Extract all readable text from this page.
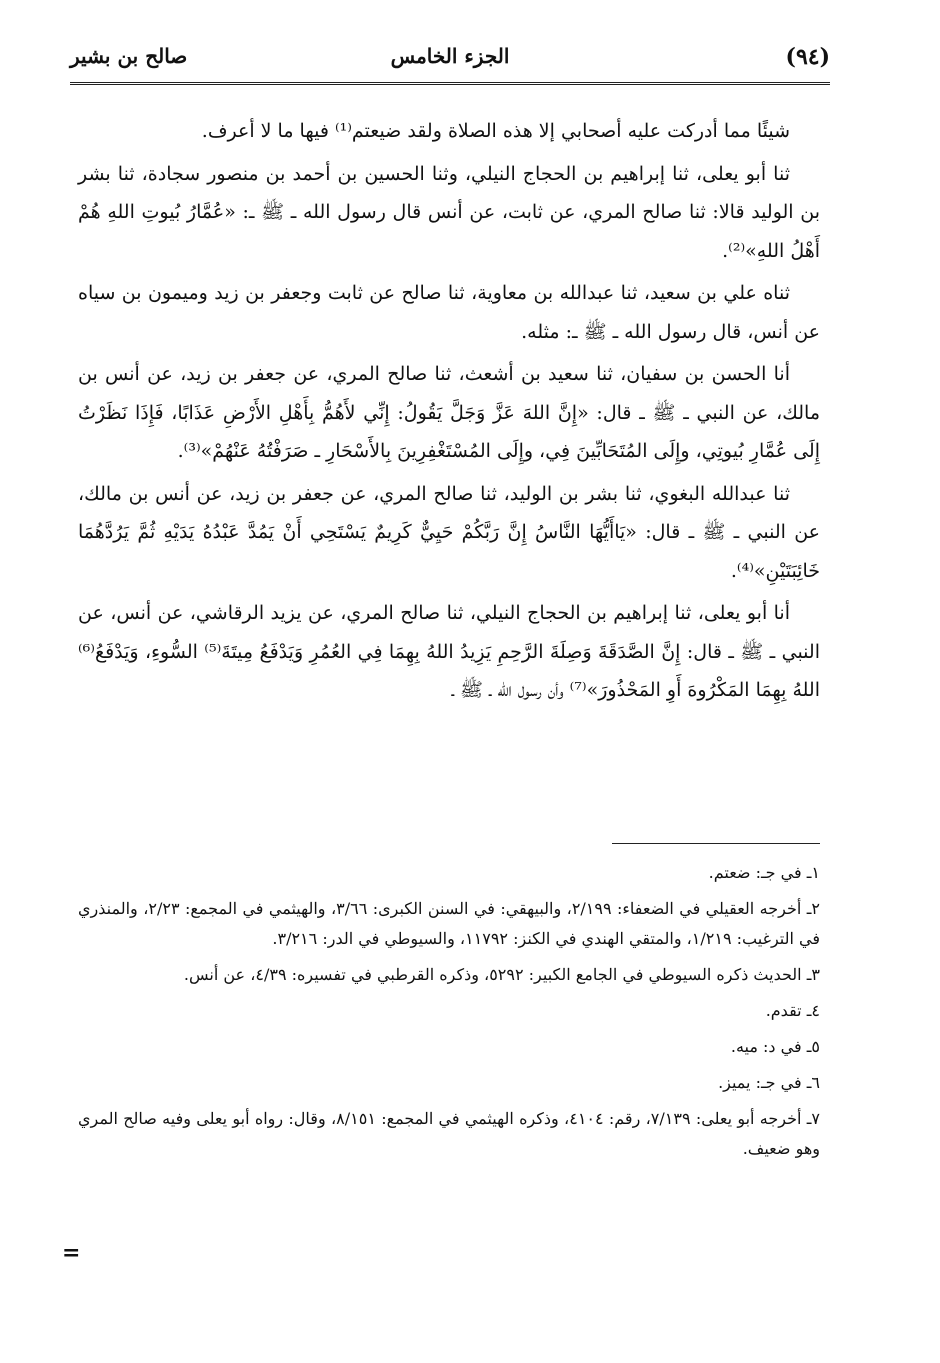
(٩٤)
الجزء الخامس
صالح بن بشير

شيئًا مما أدركت عليه أصحابي إلا هذه الصلاة ولقد ضيعتم⁽¹⁾ فيها ما لا أعرف.

ثنا أبو يعلى، ثنا إبراهيم بن الحجاج النيلي، وثنا الحسين بن أحمد بن منصور سجادة، ثنا بشر بن الوليد قالا: ثنا صالح المري، عن ثابت، عن أنس قال رسول الله ـ ﷺ ـ: «عُمَّارُ بُيوتِ اللهِ هُمْ أَهْلُ اللهِ»⁽²⁾.

ثناه علي بن سعيد، ثنا عبدالله بن معاوية، ثنا صالح عن ثابت وجعفر بن زيد وميمون بن سياه عن أنس، قال رسول الله ـ ﷺ ـ: مثله.

أنا الحسن بن سفيان، ثنا سعيد بن أشعث، ثنا صالح المري، عن جعفر بن زيد، عن أنس بن مالك، عن النبي ـ ﷺ ـ قال: «إِنَّ اللهَ عَزَّ وَجَلَّ يَقُولُ: إِنِّي لأَهُمُّ بِأَهْلِ الأَرْضِ عَذَابًا، فَإِذَا نَظَرْتُ إِلَى عُمَّارِ بُيوتِي، وإِلَى المُتَحَابِّينَ فِي، وإِلَى المُسْتَغْفِرِينَ بِالأَسْحَارِ ـ صَرَفْتُهُ عَنْهُمْ»⁽³⁾.

ثنا عبدالله البغوي، ثنا بشر بن الوليد، ثنا صالح المري، عن جعفر بن زيد، عن أنس بن مالك، عن النبي ـ ﷺ ـ قال: «يَاأَيُّهَا النَّاسُ إِنَّ رَبَّكُمْ حَيِيٌّ كَرِيمٌ يَسْتَحِي أَنْ يَمُدَّ عَبْدُهُ يَدَيْهِ ثُمَّ يَرُدَّهُمَا خَائِبَتَيْنِ»⁽⁴⁾.

أنا أبو يعلى، ثنا إبراهيم بن الحجاج النيلي، ثنا صالح المري، عن يزيد الرقاشي، عن أنس، عن النبي ـ ﷺ ـ قال: إِنَّ الصَّدَقَةَ وَصِلَةَ الرَّحِمِ يَزِيدُ اللهُ بِهِمَا فِي العُمُرِ وَيَدْفَعُ مِيتَةَ⁽⁵⁾ السُّوءِ، وَيَدْفَعُ⁽⁶⁾ اللهُ بِهِمَا المَكْرُوهَ أَوِ المَحْذُورَ»⁽⁷⁾ وأن رسول الله ـ ﷺ ـ

١ـ في جـ: ضعتم.
٢ـ أخرجه العقيلي في الضعفاء: ٢/١٩٩، والبيهقي: في السنن الكبرى: ٣/٦٦، والهيثمي في المجمع: ٢/٢٣، والمنذري في الترغيب: ١/٢١٩، والمتقي الهندي في الكنز: ١١٧٩٢، والسيوطي في الدر: ٣/٢١٦.
٣ـ الحديث ذكره السيوطي في الجامع الكبير: ٥٢٩٢، وذكره القرطبي في تفسيره: ٤/٣٩، عن أنس.
٤ـ تقدم.
٥ـ في د: ميه.
٦ـ في جـ: يميز.
٧ـ أخرجه أبو يعلى: ٧/١٣٩، رقم: ٤١٠٤، وذكره الهيثمي في المجمع: ٨/١٥١، وقال: رواه أبو يعلى وفيه صالح المري وهو ضعيف.
=
